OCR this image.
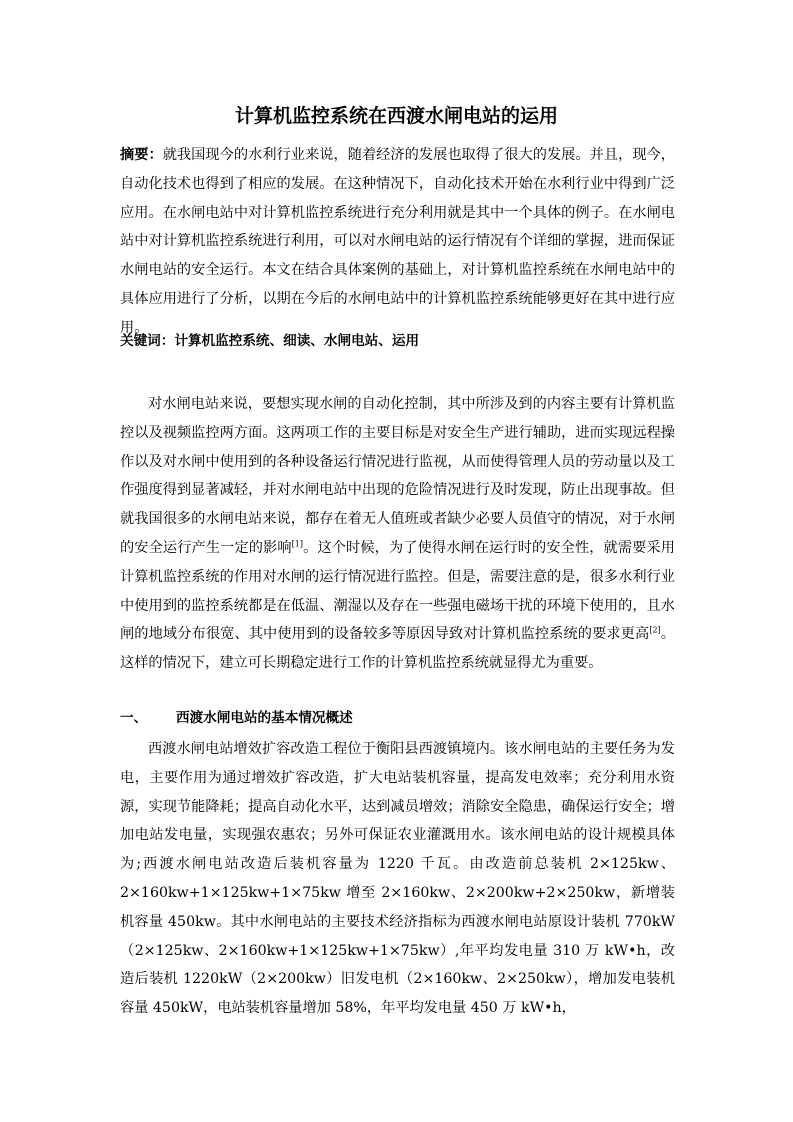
计算机监控系统在西渡水闸电站的运用

摘要：就我国现今的水利行业来说，随着经济的发展也取得了很大的发展。并且，现今，自动化技术也得到了相应的发展。在这种情况下，自动化技术开始在水利行业中得到广泛应用。在水闸电站中对计算机监控系统进行充分利用就是其中一个具体的例子。在水闸电站中对计算机监控系统进行利用，可以对水闸电站的运行情况有个详细的掌握，进而保证水闸电站的安全运行。本文在结合具体案例的基础上，对计算机监控系统在水闸电站中的具体应用进行了分析，以期在今后的水闸电站中的计算机监控系统能够更好在其中进行应用。

关键词：计算机监控系统、细读、水闸电站、运用

对水闸电站来说，要想实现水闸的自动化控制，其中所涉及到的内容主要有计算机监控以及视频监控两方面。这两项工作的主要目标是对安全生产进行辅助，进而实现远程操作以及对水闸中使用到的各种设备运行情况进行监视，从而使得管理人员的劳动量以及工作强度得到显著减轻，并对水闸电站中出现的危险情况进行及时发现，防止出现事故。但就我国很多的水闸电站来说，都存在着无人值班或者缺少必要人员值守的情况，对于水闸的安全运行产生一定的影响[1]。这个时候，为了使得水闸在运行时的安全性，就需要采用计算机监控系统的作用对水闸的运行情况进行监控。但是，需要注意的是，很多水利行业中使用到的监控系统都是在低温、潮湿以及存在一些强电磁场干扰的环境下使用的，且水闸的地域分布很宽、其中使用到的设备较多等原因导致对计算机监控系统的要求更高[2]。这样的情况下，建立可长期稳定进行工作的计算机监控系统就显得尤为重要。

一、 西渡水闸电站的基本情况概述

西渡水闸电站增效扩容改造工程位于衡阳县西渡镇境内。该水闸电站的主要任务为发电，主要作用为通过增效扩容改造，扩大电站装机容量，提高发电效率；充分利用水资源，实现节能降耗；提高自动化水平，达到减员增效；消除安全隐患，确保运行安全；增加电站发电量，实现强农惠农；另外可保证农业灌溉用水。该水闸电站的设计规模具体为;西渡水闸电站改造后装机容量为 1220 千瓦。由改造前总装机 2×125kw、2×160kw+1×125kw+1×75kw 增至 2×160kw、2×200kw+2×250kw，新增装机容量 450kw。其中水闸电站的主要技术经济指标为西渡水闸电站原设计装机 770kW（2×125kw、2×160kw+1×125kw+1×75kw）,年平均发电量 310 万 kW•h，改造后装机 1220kW（2×200kw）旧发电机（2×160kw、2×250kw），增加发电装机容量 450kW，电站装机容量增加 58%，年平均发电量 450 万 kW•h，
